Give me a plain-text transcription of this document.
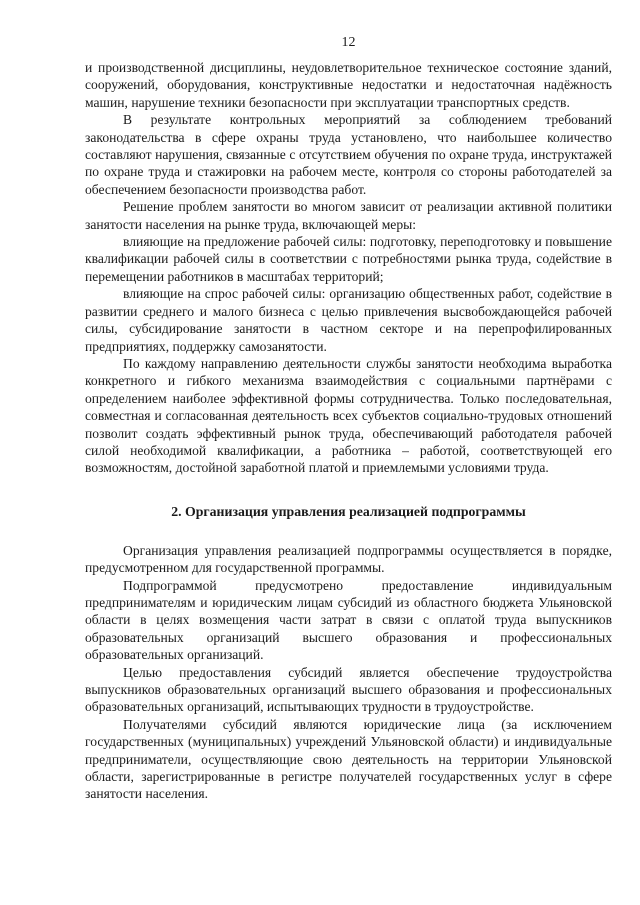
12

и производственной дисциплины, неудовлетворительное техническое состояние зданий, сооружений, оборудования, конструктивные недостатки и недостаточная надёжность машин, нарушение техники безопасности при эксплуатации транспортных средств.

В результате контрольных мероприятий за соблюдением требований законодательства в сфере охраны труда установлено, что наибольшее количество составляют нарушения, связанные с отсутствием обучения по охране труда, инструктажей по охране труда и стажировки на рабочем месте, контроля со стороны работодателей за обеспечением безопасности производства работ.

Решение проблем занятости во многом зависит от реализации активной политики занятости населения на рынке труда, включающей меры:

влияющие на предложение рабочей силы: подготовку, переподготовку и повышение квалификации рабочей силы в соответствии с потребностями рынка труда, содействие в перемещении работников в масштабах территорий;

влияющие на спрос рабочей силы: организацию общественных работ, содействие в развитии среднего и малого бизнеса с целью привлечения высвобождающейся рабочей силы, субсидирование занятости в частном секторе и на перепрофилированных предприятиях, поддержку самозанятости.

По каждому направлению деятельности службы занятости необходима выработка конкретного и гибкого механизма взаимодействия с социальными партнёрами с определением наиболее эффективной формы сотрудничества. Только последовательная, совместная и согласованная деятельность всех субъектов социально-трудовых отношений позволит создать эффективный рынок труда, обеспечивающий работодателя рабочей силой необходимой квалификации, а работника – работой, соответствующей его возможностям, достойной заработной платой и приемлемыми условиями труда.

2. Организация управления реализацией подпрограммы

Организация управления реализацией подпрограммы осуществляется в порядке, предусмотренном для государственной программы.

Подпрограммой предусмотрено предоставление индивидуальным предпринимателям и юридическим лицам субсидий из областного бюджета Ульяновской области в целях возмещения части затрат в связи с оплатой труда выпускников образовательных организаций высшего образования и профессиональных образовательных организаций.

Целью предоставления субсидий является обеспечение трудоустройства выпускников образовательных организаций высшего образования и профессиональных образовательных организаций, испытывающих трудности в трудоустройстве.

Получателями субсидий являются юридические лица (за исключением государственных (муниципальных) учреждений Ульяновской области) и индивидуальные предприниматели, осуществляющие свою деятельность на территории Ульяновской области, зарегистрированные в регистре получателей государственных услуг в сфере занятости населения.
